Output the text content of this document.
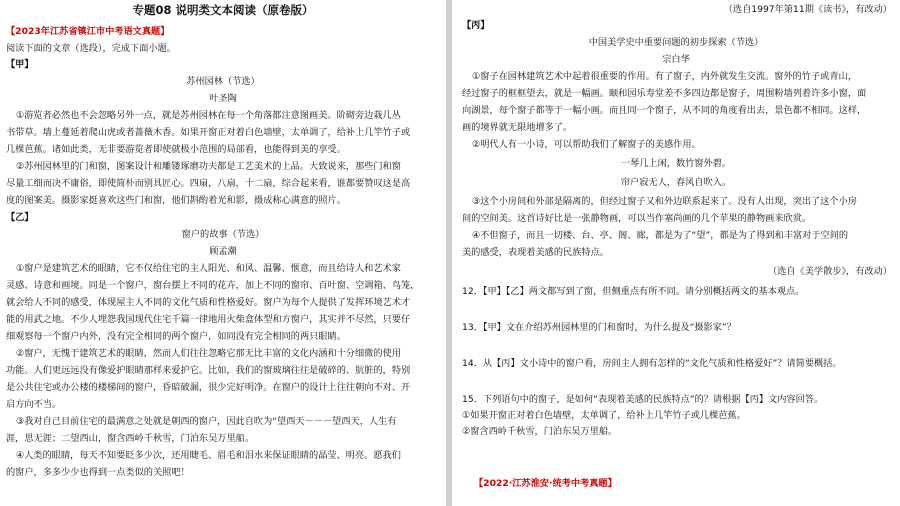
专题08 说明类文本阅读（原卷版）
【2023年江苏省镇江市中考语文真题】
阅读下面的文章（选段），完成下面小题。
【甲】
苏州园林（节选）
叶圣陶
①游览者必然也不会忽略另外一点，就是苏州园林在每一个角落都注意图画美。阶砌旁边栽几丛
书带草。墙上蔓延着爬山虎或者蔷薇木香。如果开窗正对着白色墙壁，太单调了，给补上几竿竹子或
几棵芭蕉。诸如此类，无非要游览者即使就极小范围的局部看，也能得到美的享受。
②苏州园林里的门和窗，图案设计和雕镂琢磨功夫都是工艺美术的上品。大致说来，那些门和窗
尽量工细而决不庸俗，即使简朴而别具匠心。四扇，八扇，十二扇，综合起来看，谁都要赞叹这是高
度的图案美。摄影家挺喜欢这些门和窗，他们斟酌着光和影，摄成称心满意的照片。
【乙】
窗户的故事（节选）
顾孟潮
①窗户是建筑艺术的眼睛，它不仅给住宅的主人阳光、和风、温馨、惬意，而且给诗人和艺术家
灵感、诗意和画境。同是一个窗户，窗台摆上不同的花卉，加上不同的窗帘、百叶窗、空调箱、鸟笼，
就会给人不同的感受，体现屋主人不同的文化气质和性格爱好。窗户为每个人提供了发挥环境艺术才
能的用武之地。不少人埋怨我国现代住宅千篇一律地用火柴盒体型和方窗户，其实并不尽然，只要仔
细观察每一个窗户内外，没有完全相同的两个窗户，如同没有完全相同的两只眼睛。
②窗户，无愧于建筑艺术的眼睛，然而人们往往忽略它那无比丰富的文化内涵和十分细微的使用
功能。人们更远远没有像爱护眼睛那样来爱护它。比如，我们的窗玻璃往往是破碎的、肮脏的，特别
是公共住宅或办公楼的楼梯间的窗户，昏暗破漏，很少完好明净。在窗户的设计上往往朝向不对、开
启方向不当。
③我对自己目前住宅的最满意之处就是朝西的窗户，因此自吹为“望西天－－－望西天，人生有
涯，思无涯；二望西山，窗含西岭千秋雪，门泊东吴万里船。
④人类的眼睛，每天不知要眨多少次，还用睫毛、眉毛和泪水来保证眼睛的晶莹、明亮。愿我们
的窗户，多多少少也得到一点类似的关照吧！
（选自1997年第11期《读书》，有改动）
【丙】
中国美学史中重要问题的初步探索（节选）
宗白华
①窗子在园林建筑艺术中起着很重要的作用。有了窗子，内外就发生交流。窗外的竹子或青山，
经过窗子的框框望去，就是一幅画。颐和园乐寿堂差不多四边都是窗子，周围粉墙列着许多小窗，面
向湖景，每个窗子都等于一幅小画。而且同一个窗子，从不同的角度看出去，景色都不相同。这样，
画的境界就无限地增多了。
②明代人有一小诗，可以帮助我们了解窗子的美感作用。
一琴几上闲，数竹窗外碧。
帘户寂无人，春风自吹入。
③这个小房间和外部是隔离的，但经过窗子又和外边联系起来了。没有人出现，突出了这个小房
间的空间美。这首诗好比是一张静物画，可以当作塞尚画的几个苹果的静物画来欣赏。
④不但窗子，而且一切楼、台、亭、阁、廊，都是为了“望”，都是为了得到和丰富对于空间的
美的感受，表现着美感的民族特点。
（选自《美学散步》，有改动）
12．【甲】【乙】两文都写到了窗，但侧重点有所不同。请分别概括两文的基本观点。
13．【甲】文在介绍苏州园林里的门和窗时，为什么提及“摄影家”？
14．从【丙】文小诗中的窗户看，房间主人拥有怎样的“文化气质和性格爱好”？请简要概括。
15．下列语句中的窗子，是如何“表现着美感的民族特点”的？请根据【丙】文内容回答。
①如果开窗正对着白色墙壁，太单调了，给补上几竿竹子或几棵芭蕉。
②窗含西岭千秋雪，门泊东吴万里船。
【2022·江苏淮安·统考中考真题】
